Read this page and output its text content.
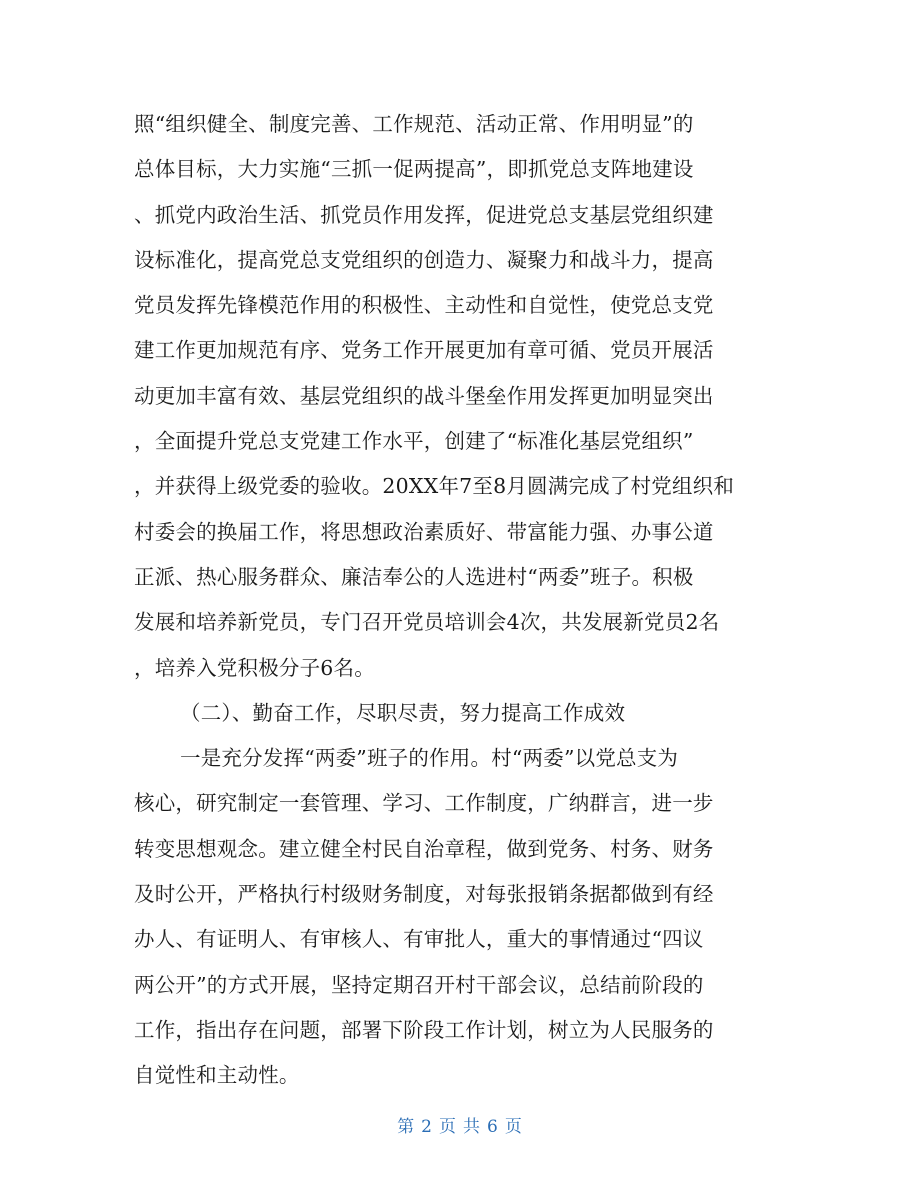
照“组织健全、制度完善、工作规范、活动正常、作用明显”的
总体目标，大力实施“三抓一促两提高”，即抓党总支阵地建设
、抓党内政治生活、抓党员作用发挥，促进党总支基层党组织建
设标准化，提高党总支党组织的创造力、凝聚力和战斗力，提高
党员发挥先锋模范作用的积极性、主动性和自觉性，使党总支党
建工作更加规范有序、党务工作开展更加有章可循、党员开展活
动更加丰富有效、基层党组织的战斗堡垒作用发挥更加明显突出
，全面提升党总支党建工作水平，创建了“标准化基层党组织”
，并获得上级党委的验收。20XX年7至8月圆满完成了村党组织和
村委会的换届工作，将思想政治素质好、带富能力强、办事公道
正派、热心服务群众、廉洁奉公的人选进村“两委”班子。积极
发展和培养新党员，专门召开党员培训会4次，共发展新党员2名
，培养入党积极分子6名。
（二）、勤奋工作，尽职尽责，努力提高工作成效
一是充分发挥“两委”班子的作用。村“两委”以党总支为
核心，研究制定一套管理、学习、工作制度，广纳群言，进一步
转变思想观念。建立健全村民自治章程，做到党务、村务、财务
及时公开，严格执行村级财务制度，对每张报销条据都做到有经
办人、有证明人、有审核人、有审批人，重大的事情通过“四议
两公开”的方式开展，坚持定期召开村干部会议，总结前阶段的
工作，指出存在问题，部署下阶段工作计划，树立为人民服务的
自觉性和主动性。
第 2 页 共 6 页
